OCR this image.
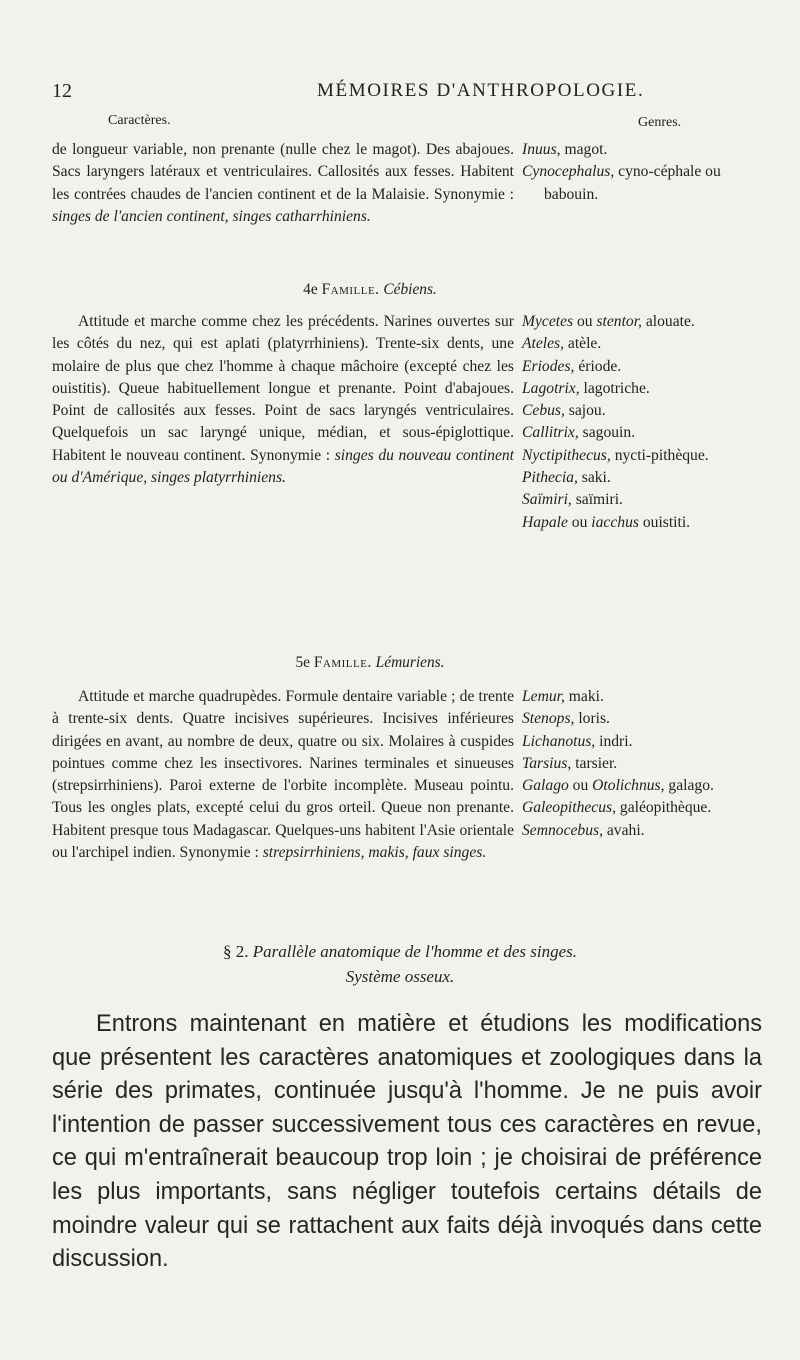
12	MÉMOIRES D'ANTHROPOLOGIE.
Caractères.	Genres.

de longueur variable, non prenante (nulle chez le magot). Des abajoues. Sacs laryngers latéraux et ventriculaires. Callosités aux fesses. Habitent les contrées chaudes de l'ancien continent et de la Malaisie. Synonymie : singes de l'ancien continent, singes catharrhiniens.

Inuus, magot.
Cynocephalus, cyno-céphale ou babouin.
4e Famille. Cébiens.

Attitude et marche comme chez les précédents. Narines ouvertes sur les côtés du nez, qui est aplati (platyrrhiniens). Trente-six dents, une molaire de plus que chez l'homme à chaque mâchoire (excepté chez les ouistitis). Queue habituellement longue et prenante. Point d'abajoues. Point de callosités aux fesses. Point de sacs laryngés ventriculaires. Quelquefois un sac laryngé unique, médian, et sous-épiglottique. Habitent le nouveau continent. Synonymie : singes du nouveau continent ou d'Amérique, singes platyrrhiniens.

Mycetes ou stentor, alouate.
Ateles, atèle.
Eriodes, ériode.
Lagotrix, lagotriche.
Cebus, sajou.
Callitrix, sagouin.
Nyctipithecus, nycti-pithèque.
Pithecia, saki.
Saïmiri, saïmiri.
Hapale ou iacchus ouistiti.
5e Famille. Lémuriens.

Attitude et marche quadrupèdes. Formule dentaire variable ; de trente à trente-six dents. Quatre incisives supérieures. Incisives inférieures dirigées en avant, au nombre de deux, quatre ou six. Molaires à cuspides pointues comme chez les insectivores. Narines terminales et sinueuses (strepsirrhiniens). Paroi externe de l'orbite incomplète. Museau pointu. Tous les ongles plats, excepté celui du gros orteil. Queue non prenante. Habitent presque tous Madagascar. Quelques-uns habitent l'Asie orientale ou l'archipel indien. Synonymie : strepsirrhiniens, makis, faux singes.

Lemur, maki.
Stenops, loris.
Lichanotus, indri.
Tarsius, tarsier.
Galago ou Otolichnus, galago.
Galeopithecus, galéopithèque.
Semnocebus, avahi.
§ 2. Parallèle anatomique de l'homme et des singes.
Système osseux.

Entrons maintenant en matière et étudions les modifications que présentent les caractères anatomiques et zoologiques dans la série des primates, continuée jusqu'à l'homme. Je ne puis avoir l'intention de passer successivement tous ces caractères en revue, ce qui m'entraînerait beaucoup trop loin ; je choisirai de préférence les plus importants, sans négliger toutefois certains détails de moindre valeur qui se rattachent aux faits déjà invoqués dans cette discussion.
